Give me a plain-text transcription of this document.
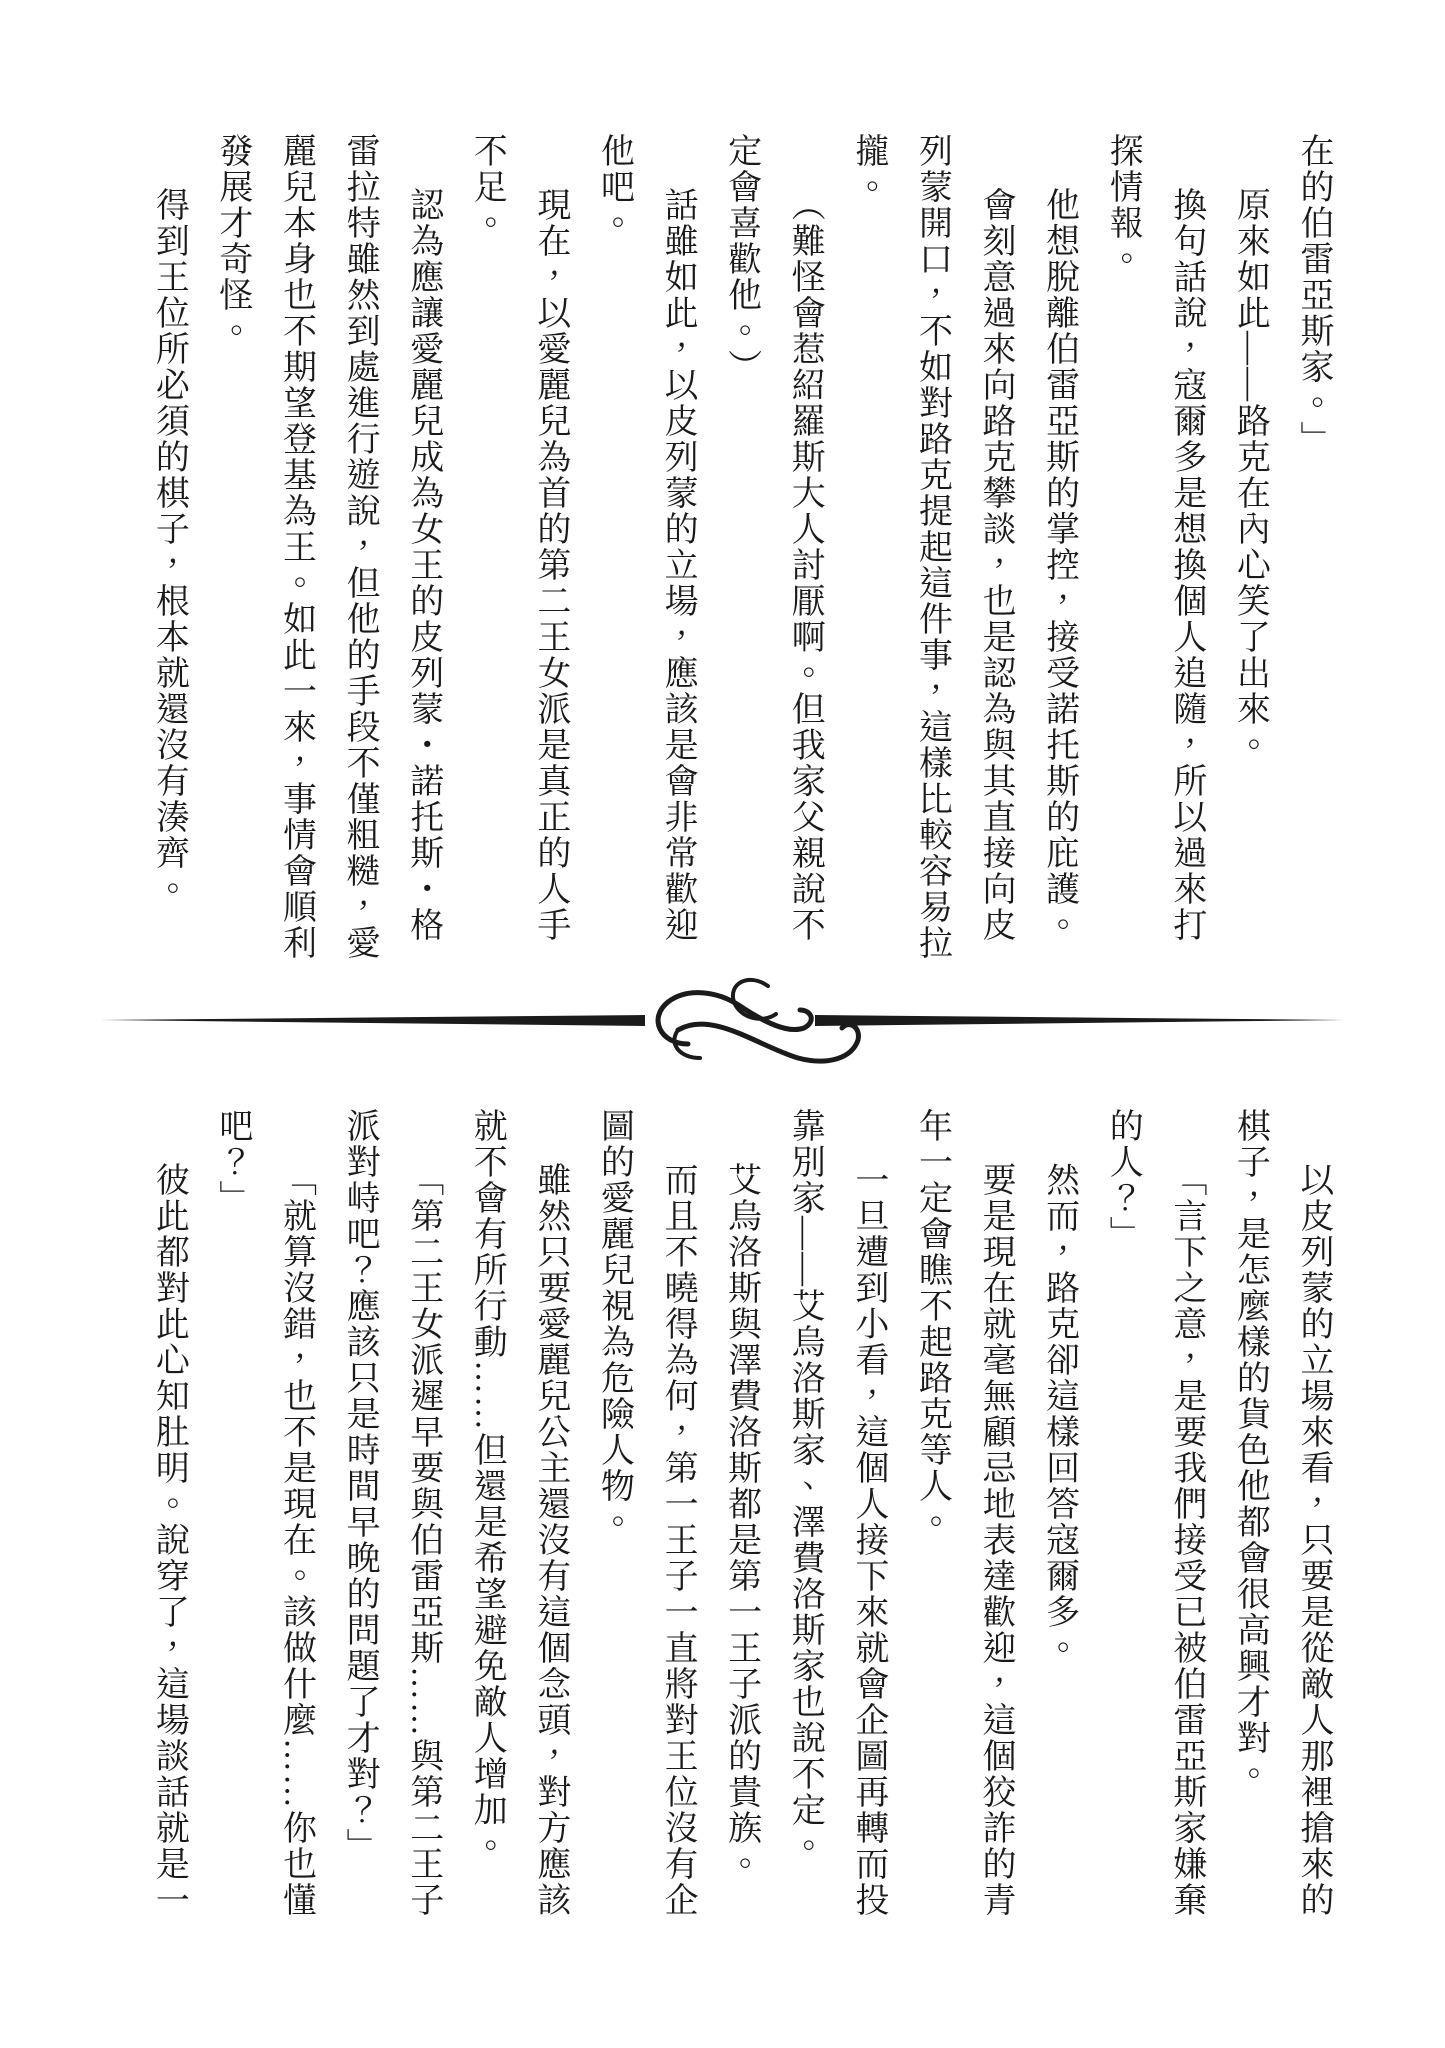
在的伯雷亞斯家。」
原來如此——路克在內心笑了出來。
換句話說，寇爾多是想換個人追隨，所以過來打
探情報。
他想脫離伯雷亞斯的掌控，接受諾托斯的庇護。
會刻意過來向路克攀談，也是認為與其直接向皮
列蒙開口，不如對路克提起這件事，這樣比較容易拉
攏。
（難怪會惹紹羅斯大人討厭啊。但我家父親說不
定會喜歡他。）
話雖如此，以皮列蒙的立場，應該是會非常歡迎
他吧。
現在，以愛麗兒為首的第二王女派是真正的人手
不足。
認為應讓愛麗兒成為女王的皮列蒙・諾托斯・格
雷拉特雖然到處進行遊說，但他的手段不僅粗糙，愛
麗兒本身也不期望登基為王。如此一來，事情會順利
發展才奇怪。
得到王位所必須的棋子，根本就還沒有湊齊。
以皮列蒙的立場來看，只要是從敵人那裡搶來的
棋子，是怎麼樣的貨色他都會很高興才對。
「言下之意，是要我們接受已被伯雷亞斯家嫌棄
的人？」
然而，路克卻這樣回答寇爾多。
要是現在就毫無顧忌地表達歡迎，這個狡詐的青
年一定會瞧不起路克等人。
一旦遭到小看，這個人接下來就會企圖再轉而投
靠別家——艾烏洛斯家、澤費洛斯家也說不定。
艾烏洛斯與澤費洛斯都是第一王子派的貴族。
而且不曉得為何，第一王子一直將對王位沒有企
圖的愛麗兒視為危險人物。
雖然只要愛麗兒公主還沒有這個念頭，對方應該
就不會有所行動……但還是希望避免敵人增加。
「第二王女派遲早要與伯雷亞斯……與第二王子
派對峙吧？應該只是時間早晚的問題了才對？」
「就算沒錯，也不是現在。該做什麼……你也懂
吧？」
彼此都對此心知肚明。說穿了，這場談話就是一
